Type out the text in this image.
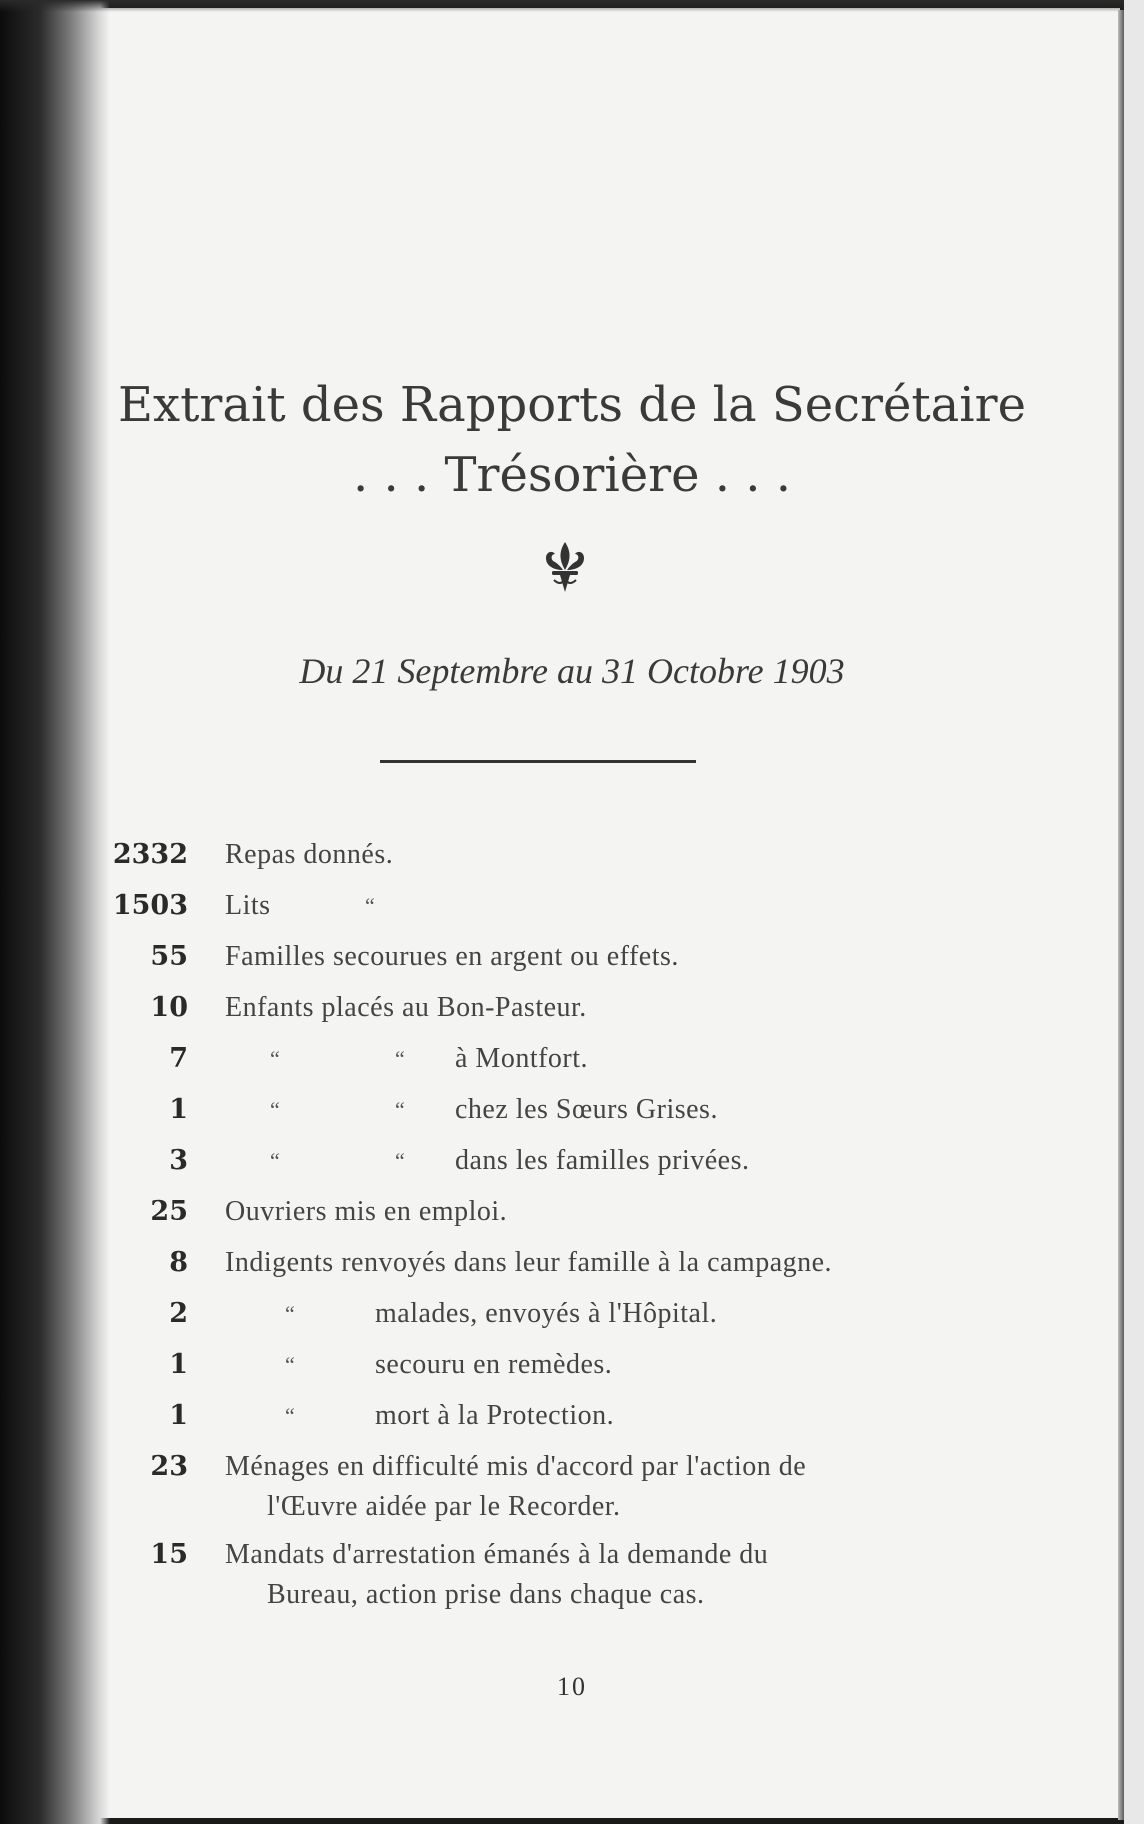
Extrait des Rapports de la Secrétaire
. . . Trésorière . . .
Du 21 Septembre au 31 Octobre 1903
2332 Repas donnés.
1503 Lits	“
55 Familles secourues en argent ou effets.
10 Enfants placés au Bon-Pasteur.
7	“	“ à Montfort.
1	“	“ chez les Sœurs Grises.
3	“	“ dans les familles privées.
25 Ouvriers mis en emploi.
8 Indigents renvoyés dans leur famille à la campagne.
2	“	malades, envoyés à l'Hôpital.
1	“	secouru en remèdes.
1	“	mort à la Protection.
23 Ménages en difficulté mis d'accord par l'action de
l'Œuvre aidée par le Recorder.
15 Mandats d'arrestation émanés à la demande du
Bureau, action prise dans chaque cas.
10
